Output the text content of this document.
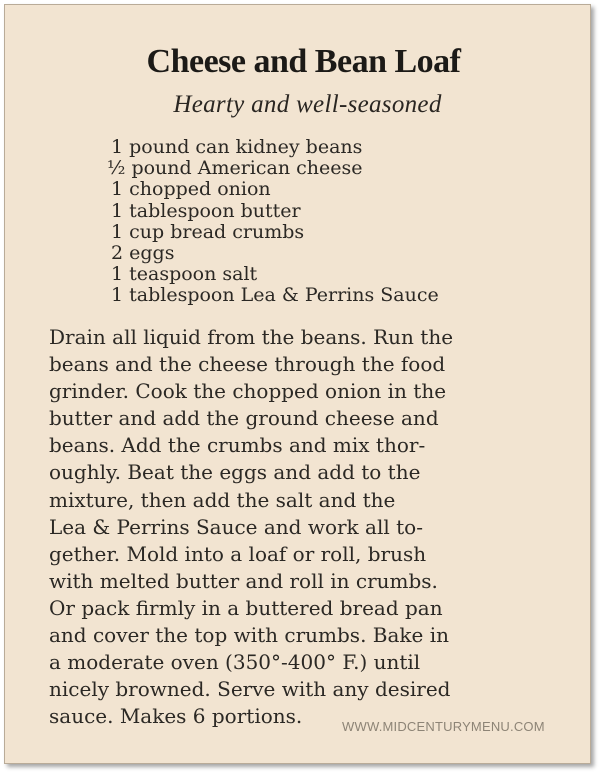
Cheese and Bean Loaf
Hearty and well-seasoned
1 pound can kidney beans
½ pound American cheese
1 chopped onion
1 tablespoon butter
1 cup bread crumbs
2 eggs
1 teaspoon salt
1 tablespoon Lea & Perrins Sauce

Drain all liquid from the beans. Run the
beans and the cheese through the food
grinder. Cook the chopped onion in the
butter and add the ground cheese and
beans. Add the crumbs and mix thor-
oughly. Beat the eggs and add to the
mixture, then add the salt and the
Lea & Perrins Sauce and work all to-
gether. Mold into a loaf or roll, brush
with melted butter and roll in crumbs.
Or pack firmly in a buttered bread pan
and cover the top with crumbs. Bake in
a moderate oven (350°-400° F.) until
nicely browned. Serve with any desired
sauce. Makes 6 portions.	WWW.MIDCENTURYMENU.COM
